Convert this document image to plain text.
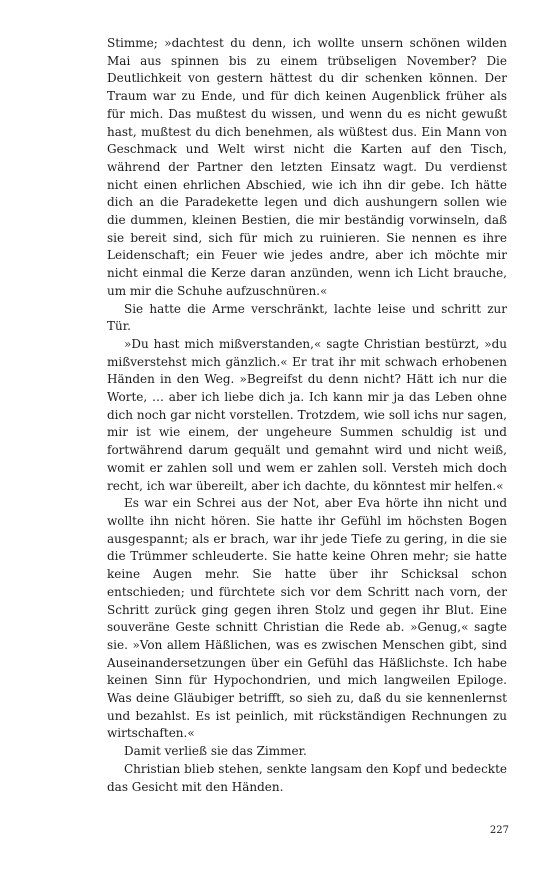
Stimme; »dachtest du denn, ich wollte unsern schönen wilden Mai aus spinnen bis zu einem trübseligen November? Die Deutlichkeit von gestern hättest du dir schenken können. Der Traum war zu Ende, und für dich keinen Augenblick früher als für mich. Das mußtest du wissen, und wenn du es nicht gewußt hast, mußtest du dich benehmen, als wüßtest dus. Ein Mann von Geschmack und Welt wirst nicht die Karten auf den Tisch, während der Partner den letzten Einsatz wagt. Du verdienst nicht einen ehrlichen Abschied, wie ich ihn dir gebe. Ich hätte dich an die Paradekette legen und dich aushungern sollen wie die dummen, kleinen Bestien, die mir beständig vorwinseln, daß sie bereit sind, sich für mich zu ruinieren. Sie nennen es ihre Leidenschaft; ein Feuer wie jedes andre, aber ich möchte mir nicht einmal die Kerze daran anzünden, wenn ich Licht brauche, um mir die Schuhe aufzuschnüren.«

Sie hatte die Arme verschränkt, lachte leise und schritt zur Tür.

»Du hast mich mißverstanden,« sagte Christian bestürzt, »du mißverstehst mich gänzlich.« Er trat ihr mit schwach erhobenen Händen in den Weg. »Begreifst du denn nicht? Hätt ich nur die Worte, … aber ich liebe dich ja. Ich kann mir ja das Leben ohne dich noch gar nicht vorstellen. Trotzdem, wie soll ichs nur sagen, mir ist wie einem, der ungeheure Summen schuldig ist und fortwährend darum gequält und gemahnt wird und nicht weiß, womit er zahlen soll und wem er zahlen soll. Versteh mich doch recht, ich war übereilt, aber ich dachte, du könntest mir helfen.«

Es war ein Schrei aus der Not, aber Eva hörte ihn nicht und wollte ihn nicht hören. Sie hatte ihr Gefühl im höchsten Bogen ausgespannt; als er brach, war ihr jede Tiefe zu gering, in die sie die Trümmer schleuderte. Sie hatte keine Ohren mehr; sie hatte keine Augen mehr. Sie hatte über ihr Schicksal schon entschieden; und fürchtete sich vor dem Schritt nach vorn, der Schritt zurück ging gegen ihren Stolz und gegen ihr Blut. Eine souveräne Geste schnitt Christian die Rede ab. »Genug,« sagte sie. »Von allem Häßlichen, was es zwischen Menschen gibt, sind Auseinandersetzungen über ein Gefühl das Häßlichste. Ich habe keinen Sinn für Hypochondrien, und mich langweilen Epiloge. Was deine Gläubiger betrifft, so sieh zu, daß du sie kennenlernst und bezahlst. Es ist peinlich, mit rückständigen Rechnungen zu wirtschaften.«

Damit verließ sie das Zimmer.

Christian blieb stehen, senkte langsam den Kopf und bedeckte das Gesicht mit den Händen.

227
